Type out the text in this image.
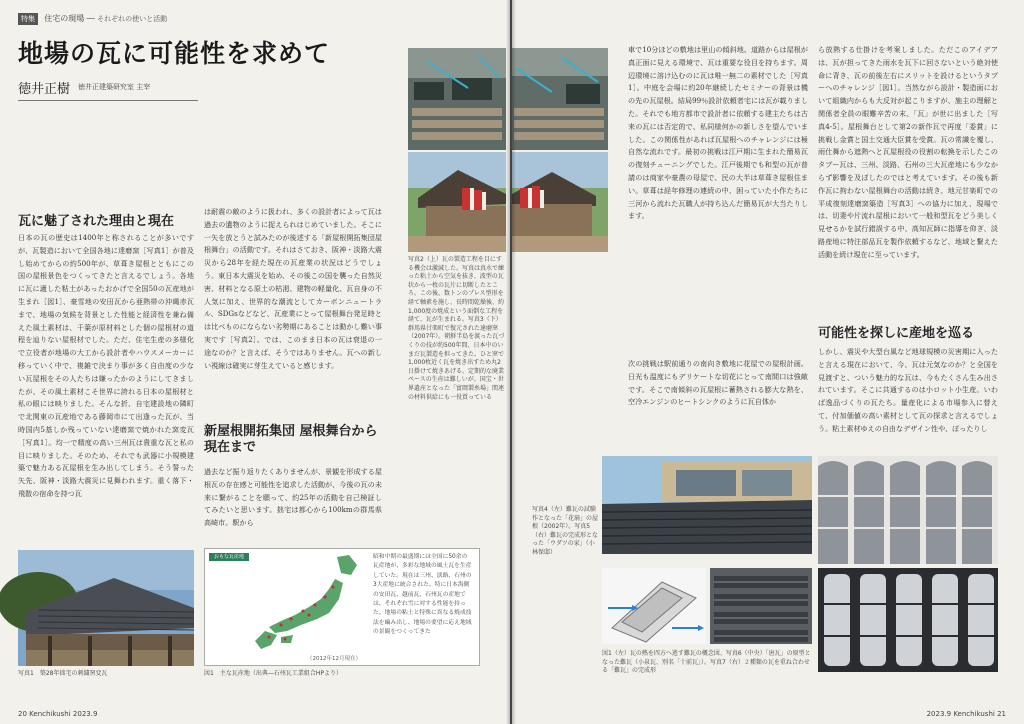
特集 住宅の現場 ── それぞれの使いと活動
地場の瓦に可能性を求めて
徳井正樹 徳井正建築研究室 主宰
瓦に魅了された理由と現在
日本の瓦の歴史は1400年と称されることが多いですが、瓦製造において全国各地に達磨窯［写真1］が普及し始めてからの約500年が、草葺き屋根とともにこの国の屋根景色をつくってきたと言えるでしょう。各地に瓦に適した粘土があったおかげで全国50の瓦産地が生まれ［図1］、豪雪地の安田瓦から亜熱帯の沖縄赤瓦まで、地場の気候を背景とした性能と経済性を兼ね備えた風土素材は、千葉が原材料とした個の屋根材の道程を辿りない屋根材でした。ただ、住宅生産の多様化で立役者が地場の大工から設計者やハウスメーカーに移っていく中で、複雑で決まり事が多く自由度の少ない瓦屋根をその人たちは嫌ったかのようにしてきましたが、その風土素材こそ世界に誇れる日本の屋根材と私の眼には映りました。そんな折、自宅建設地の隣町で北関東の瓦産地である藤岡市にて出逢った瓦が、当時国内5基しか残っていない達磨窯で焼かれた窯変瓦［写真1］。均一で精度の高い三州瓦は貴重な瓦と私の目に映りました。そのため、それでも武器に小規模建築で魅力ある瓦屋根を生み出してしまう。そう誓った矢先、阪神・淡路大震災に見舞われます。重く落下・飛散の宿命を持つ瓦
は耐震の敵のように扱われ、多くの設計者によって瓦は過去の遺物のように捉えられはじめていました。そこに一矢を放とうと試みたのが後述する「新屋根開拓集団屋根舞台」の活動です。それはさておき、阪神・淡路大震災から28年を経た現在の瓦産業の状況はどうでしょう。東日本大震災を始め、その後この国を襲った自然災害、材料となる原土の枯渇、建物の軽量化、瓦自身の不人気に加え、世界的な潮流としてカーボンニュートラル、SDGsなどなど、瓦産業にとって屋根舞台発足時とは比べものにならない劣勢期にあることは動かし難い事実です［写真2］。では、このまま日本の瓦は衰退の一途なのか？と言えば、そうではありません。瓦への新しい視線は確実に芽生えていると感じます。
新屋根開拓集団 屋根舞台から現在まで
過去など振り返りたくありませんが、景観を形成する屋根瓦の存在感と可能性を追求した活動が、今後の瓦の未来に繋がることを願って、約25年の活動を自己検証してみたいと思います。拙宅は都心から100kmの群馬県高崎市。駅から
写真1　築28年拙宅の刺繍窯変瓦
おもな瓦産地
（2012年12月現在）
昭和中期の最盛期には全国に50余の瓦産地が、多彩な地域の風土瓦を生産していた。現在は三州、淡路、石州の3大産地に統合された、特に日本海側の安田瓦、越前瓦、石州瓦の産地では、それぞれ雪に対する性能を持った。地場の粘土と特殊に異なる焼成技法を編み出し、地場の要望に応え地域の景観をつくってきた
図1　主な瓦産地（出典―石州瓦工業組合HPより）
写真2（上）瓦の製造工程を目にする機会は激減した。写真は真水で練った粘土から空気を抜き、波型の瓦状から一枚の瓦片に切断したところ。この後、数トンのプレス型形を経て軸素を施し、長時間乾燥後、約1,000度の焼成という面倒な工程を経て、瓦が生まれる。写真3（下）群馬県甘楽町で復元された達磨窯（2007年）。朝鮮半島を渡った瓦づくりの技が約500年間、日本中のいまだ瓦製造を担ってきた。ひと窯で1,000枚近く瓦を焼き出すため丸2日掛けて焼きあげる。定期的な廃業ペースの生産は難しいが、国宝・世界遺産となった「富岡製糸場」関連の材料供給にも一役買っている
20 Kenchikushi 2023.9
車で10分ほどの敷地は里山の傾斜地。道路からは屋根が真正面に見える環境で、瓦は重要な役目を持ちます。周辺環境に溶け込むのに瓦は唯一無二の素材でした［写真1］。中庭を会場に約20年継続したセミナーの背景は機の先の瓦屋根。結局99％設計依頼者宅には瓦が載りました。それでも地方都市で設計者に依頼する建主たちは古来の瓦には否定的で、私同様何かの新しさを望んでいました。この関係性があれば瓦屋根へのチャレンジには極自然な流れです。最初の挑戦は江戸期に生まれた簡易瓦の復刻チューニングでした。江戸後期でも和型の瓦が普請のは商家や豪農の母屋で、民の大半は草葺き屋根住まい。草葺は経年修理の連続の中、困っていた小作たちに三河から流れた瓦職人が持ち込んだ簡易瓦が大当たりします。
次の挑戦は駅前通りの南向き敷地に花屋での屋根計画。日光も温度にもデリケートな切花にとって南間口は強敵です。そこで南傾斜の瓦屋根に蓄熱される膨大な熱を、空冷エンジンのヒートシンクのように瓦自体か
ら放熱する仕掛けを考案しました。ただこのアイデアは、瓦が担ってきた雨水を瓦下に回さないという絶対使命に背き、瓦の前後左右にスリットを設けるというタブーへのチャレンジ［図1］。当然ながら設計・製造面において組織内からも大反対が起こりますが、施主の理解と関係者全員の眼難辛苦の末、「瓦」が世に出ました［写真4-5］。屋根舞台として第2の新作瓦で再度「委賞」に挑戦し金賞と国土交通大臣賞を受賞。瓦の常識を覆し、雨仕舞から遮熱へと瓦屋根役の役割の転換を示したこのタブー瓦は、三州、淡路、石州の三大瓦産地にも少なからず影響を及ぼしたのではと考えています。その後も新作瓦に拘わない屋根舞台の活動は続き、地元甘楽町での平成復刻達磨窯築造［写真3］への協力に加え、現場では、切妻や片流れ屋根において一般和型瓦をどう美しく見せるかを試行錯誤する中、高知瓦師に指導を仰ぎ、淡路産地に特注部品瓦を製作依頼するなど、地域と繋えた活動を続け現在に至っています。
可能性を探しに産地を巡る
しかし、震災や大型台風など地球規模の災害期に入ったと言える現在において、今、瓦は元気なのか？と全国を見渡すと、ついう魅力的な瓦は、今もたくさん生み出されています。そこに共通するのは小ロット小生産。いわば逸品づくりの瓦たち。量産化による市場参入に替えて、付加価値の高い素材として瓦の探求と言えるでしょう。粘土素材ゆえの自由なデザイン性や、ぽったりし
写真4（左）難瓦の試験作となった「花扇」の屋根（2002年）。写真5（右）難瓦の完成形となった「ウダツの家」（小林保邸）
図1（左）瓦の熱を四方へ逃す難瓦の概念図、写真6（中央）「唐瓦」の原型となった難瓦（小泉瓦、別名「十前瓦」）。写真7（右）２種類の瓦を重ね合わせる「難瓦」の完成形
2023.9 Kenchikushi 21
